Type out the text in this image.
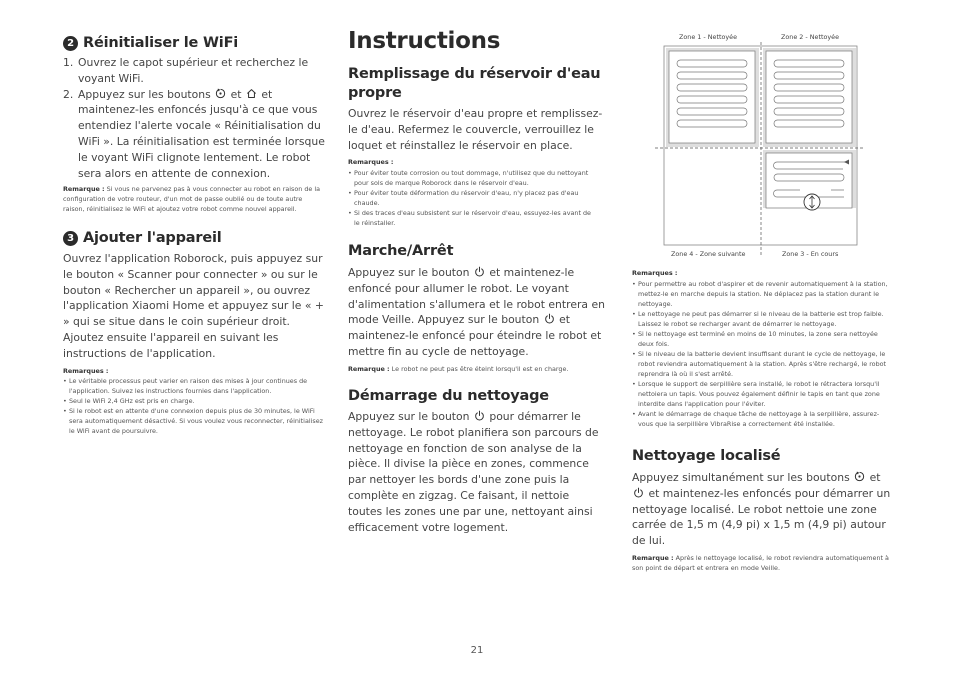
2 Réinitialiser le WiFi
1. Ouvrez le capot supérieur et recherchez le voyant WiFi.
2. Appuyez sur les boutons et et maintenez-les enfoncés jusqu'à ce que vous entendiez l'alerte vocale « Réinitialisation du WiFi ». La réinitialisation est terminée lorsque le voyant WiFi clignote lentement. Le robot sera alors en attente de connexion.

Remarque : Si vous ne parvenez pas à vous connecter au robot en raison de la configuration de votre routeur, d'un mot de passe oublié ou de toute autre raison, réinitialisez le WiFi et ajoutez votre robot comme nouvel appareil.

3 Ajouter l'appareil

Ouvrez l'application Roborock, puis appuyez sur le bouton « Scanner pour connecter » ou sur le bouton « Rechercher un appareil », ou ouvrez l'application Xiaomi Home et appuyez sur le « + » qui se situe dans le coin supérieur droit. Ajoutez ensuite l'appareil en suivant les instructions de l'application.

Remarques :

• Le véritable processus peut varier en raison des mises à jour continues de l'application. Suivez les instructions fournies dans l'application.
• Seul le WiFi 2,4 GHz est pris en charge.
• Si le robot est en attente d'une connexion depuis plus de 30 minutes, le WiFi sera automatiquement désactivé. Si vous voulez vous reconnecter, réinitialisez le WiFi avant de poursuivre.
Instructions
Remplissage du réservoir d'eau propre

Ouvrez le réservoir d'eau propre et remplissez-le d'eau. Refermez le couvercle, verrouillez le loquet et réinstallez le réservoir en place.

Remarques :

• Pour éviter toute corrosion ou tout dommage, n'utilisez que du nettoyant pour sols de marque Roborock dans le réservoir d'eau.
• Pour éviter toute déformation du réservoir d'eau, n'y placez pas d'eau chaude.
• Si des traces d'eau subsistent sur le réservoir d'eau, essuyez-les avant de le réinstaller.
Marche/Arrêt

Appuyez sur le bouton et maintenez-le enfoncé pour allumer le robot. Le voyant d'alimentation s'allumera et le robot entrera en mode Veille. Appuyez sur le bouton et maintenez-le enfoncé pour éteindre le robot et mettre fin au cycle de nettoyage.

Remarque : Le robot ne peut pas être éteint lorsqu'il est en charge.

Démarrage du nettoyage

Appuyez sur le bouton pour démarrer le nettoyage. Le robot planifiera son parcours de nettoyage en fonction de son analyse de la pièce. Il divise la pièce en zones, commence par nettoyer les bords d'une zone puis la complète en zigzag. Ce faisant, il nettoie toutes les zones une par une, nettoyant ainsi efficacement votre logement.

Zone 1 - Nettoyée	Zone 2 - Nettoyée
Zone 4 - Zone suivante	Zone 3 - En cours

Remarques :

• Pour permettre au robot d'aspirer et de revenir automatiquement à la station, mettez-le en marche depuis la station. Ne déplacez pas la station durant le nettoyage.
• Le nettoyage ne peut pas démarrer si le niveau de la batterie est trop faible. Laissez le robot se recharger avant de démarrer le nettoyage.
• Si le nettoyage est terminé en moins de 10 minutes, la zone sera nettoyée deux fois.
• Si le niveau de la batterie devient insuffisant durant le cycle de nettoyage, le robot reviendra automatiquement à la station. Après s'être rechargé, le robot reprendra là où il s'est arrêté.
• Lorsque le support de serpillière sera installé, le robot le rétractera lorsqu'il nettoiera un tapis. Vous pouvez également définir le tapis en tant que zone interdite dans l'application pour l'éviter.
• Avant le démarrage de chaque tâche de nettoyage à la serpillière, assurez-vous que la serpillière VibraRise a correctement été installée.
Nettoyage localisé

Appuyez simultanément sur les boutons et  et maintenez-les enfoncés pour démarrer un nettoyage localisé. Le robot nettoie une zone carrée de 1,5 m (4,9 pi) x 1,5 m (4,9 pi) autour de lui.

Remarque : Après le nettoyage localisé, le robot reviendra automatiquement à son point de départ et entrera en mode Veille.

21
